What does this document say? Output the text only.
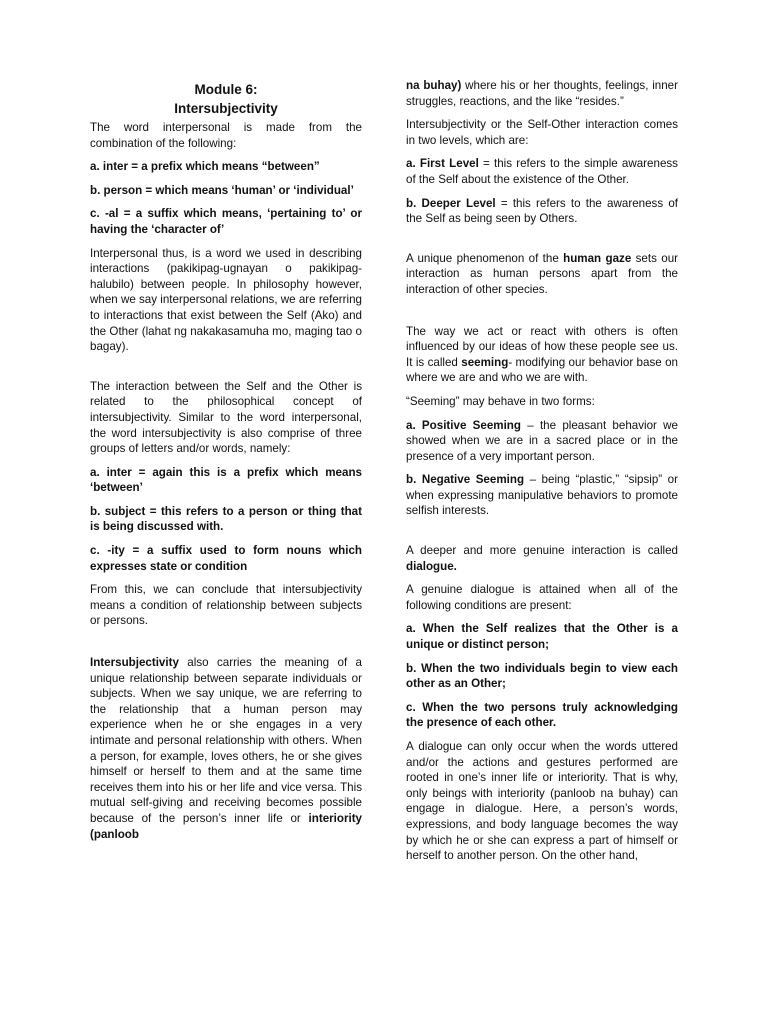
Module 6:
Intersubjectivity

The word interpersonal is made from the combination of the following:

a. inter = a prefix which means “between”

b. person = which means ‘human’ or ‘individual’

c. -al = a suffix which means, ‘pertaining to’ or having the ‘character of’

Interpersonal thus, is a word we used in describing interactions (pakikipag-ugnayan o pakikipag-halubilo) between people. In philosophy however, when we say interpersonal relations, we are referring to interactions that exist between the Self (Ako) and the Other (lahat ng nakakasamuha mo, maging tao o bagay).

The interaction between the Self and the Other is related to the philosophical concept of intersubjectivity. Similar to the word interpersonal, the word intersubjectivity is also comprise of three groups of letters and/or words, namely:

a. inter = again this is a prefix which means ‘between’

b. subject = this refers to a person or thing that is being discussed with.

c. -ity = a suffix used to form nouns which expresses state or condition

From this, we can conclude that intersubjectivity means a condition of relationship between subjects or persons.

Intersubjectivity also carries the meaning of a unique relationship between separate individuals or subjects. When we say unique, we are referring to the relationship that a human person may experience when he or she engages in a very intimate and personal relationship with others. When a person, for example, loves others, he or she gives himself or herself to them and at the same time receives them into his or her life and vice versa. This mutual self-giving and receiving becomes possible because of the person’s inner life or interiority (panloob

na buhay) where his or her thoughts, feelings, inner struggles, reactions, and the like “resides.”

Intersubjectivity or the Self-Other interaction comes in two levels, which are:

a. First Level = this refers to the simple awareness of the Self about the existence of the Other.

b. Deeper Level = this refers to the awareness of the Self as being seen by Others.

A unique phenomenon of the human gaze sets our interaction as human persons apart from the interaction of other species.

The way we act or react with others is often influenced by our ideas of how these people see us. It is called seeming- modifying our behavior base on where we are and who we are with.

“Seeming” may behave in two forms:

a. Positive Seeming – the pleasant behavior we showed when we are in a sacred place or in the presence of a very important person.

b. Negative Seeming – being “plastic,” “sipsip” or when expressing manipulative behaviors to promote selfish interests.

A deeper and more genuine interaction is called dialogue.

A genuine dialogue is attained when all of the following conditions are present:

a. When the Self realizes that the Other is a unique or distinct person;

b. When the two individuals begin to view each other as an Other;

c. When the two persons truly acknowledging the presence of each other.

A dialogue can only occur when the words uttered and/or the actions and gestures performed are rooted in one’s inner life or interiority. That is why, only beings with interiority (panloob na buhay) can engage in dialogue. Here, a person’s words, expressions, and body language becomes the way by which he or she can express a part of himself or herself to another person. On the other hand,
